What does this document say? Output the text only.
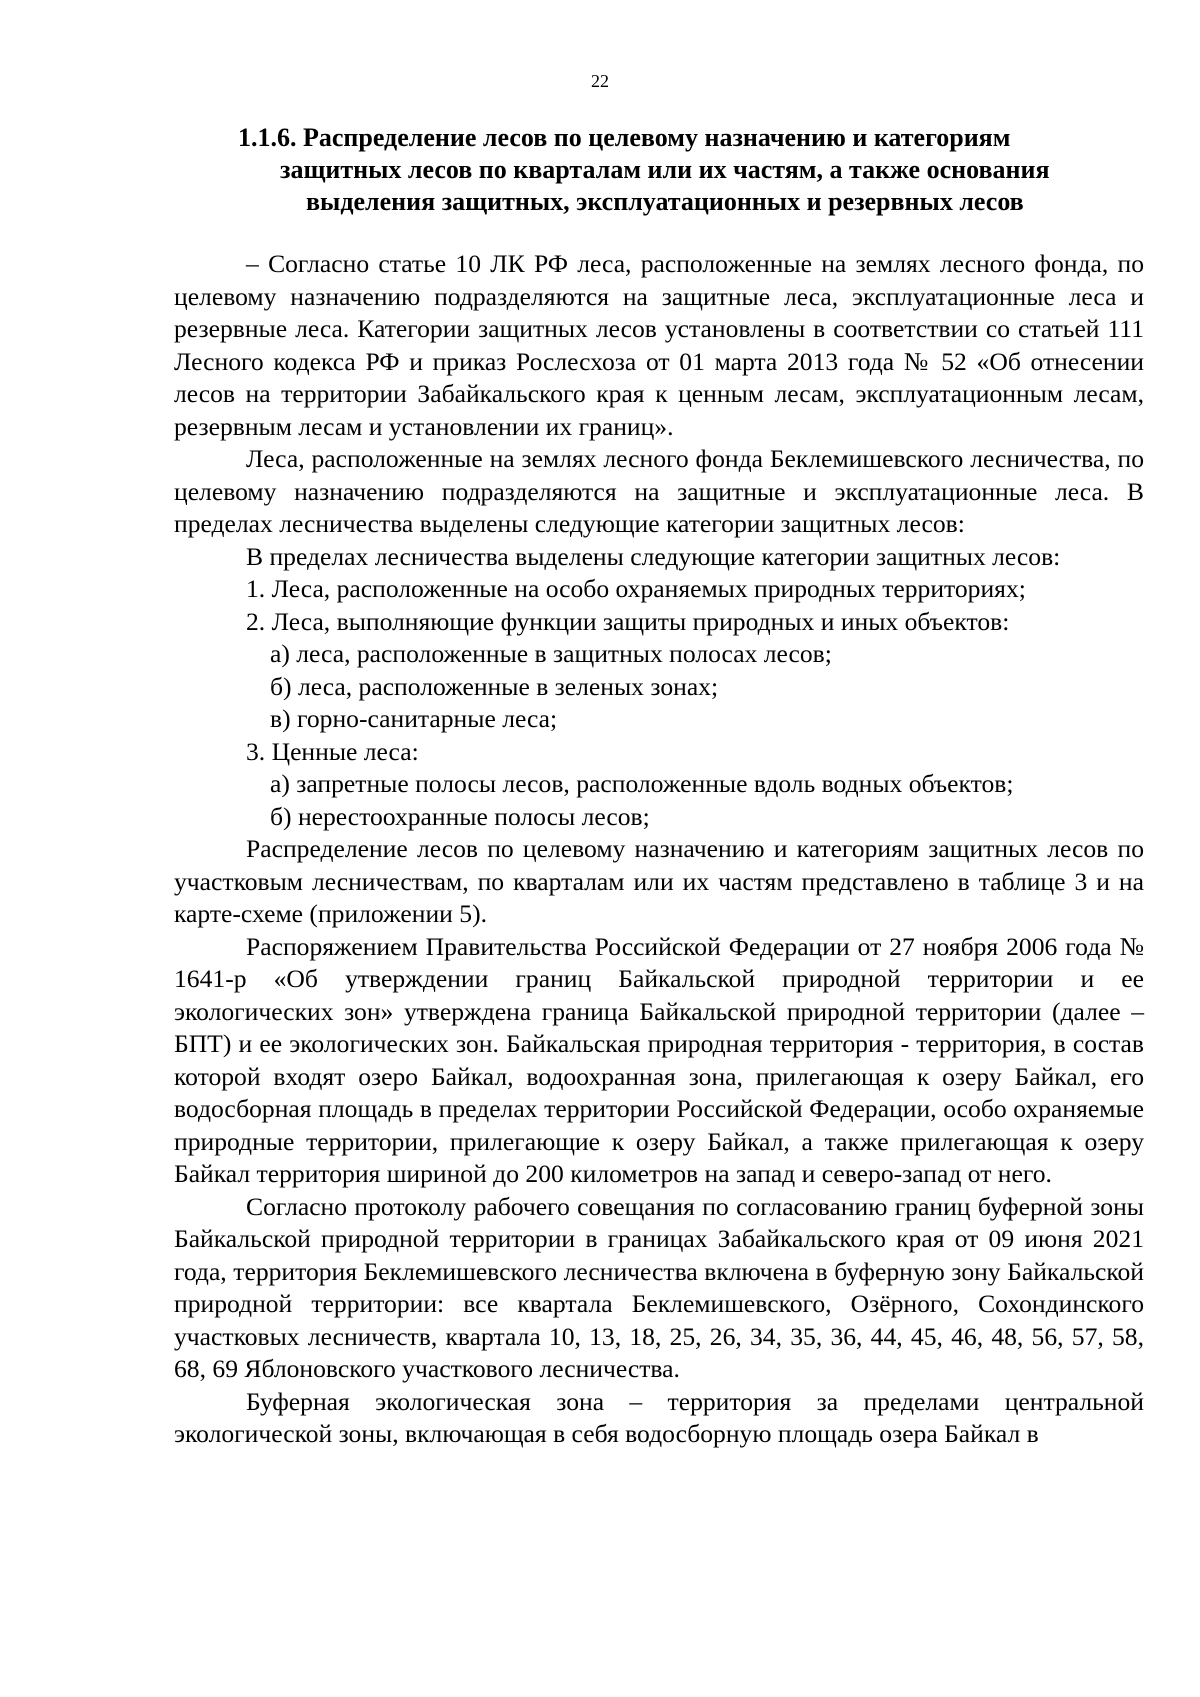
22
1.1.6. Распределение лесов по целевому назначению и категориям
защитных лесов по кварталам или их частям, а также основания
выделения защитных, эксплуатационных и резервных лесов

– Согласно статье 10 ЛК РФ леса, расположенные на землях лесного фонда, по целевому назначению подразделяются на защитные леса, эксплуатационные леса и резервные леса. Категории защитных лесов установлены в соответствии со статьей 111 Лесного кодекса РФ и приказ Рослесхоза от 01 марта 2013 года № 52 «Об отнесении лесов на территории Забайкальского края к ценным лесам, эксплуатационным лесам, резервным лесам и установлении их границ».

Леса, расположенные на землях лесного фонда Беклемишевского лесничества, по целевому назначению подразделяются на защитные и эксплуатационные леса. В пределах лесничества выделены следующие категории защитных лесов:

В пределах лесничества выделены следующие категории защитных лесов:

1. Леса, расположенные на особо охраняемых природных территориях;

2. Леса, выполняющие функции защиты природных и иных объектов:

а) леса, расположенные в защитных полосах лесов;

б) леса, расположенные в зеленых зонах;

в) горно-санитарные леса;

3. Ценные леса:

а) запретные полосы лесов, расположенные вдоль водных объектов;

б) нерестоохранные полосы лесов;

Распределение лесов по целевому назначению и категориям защитных лесов по участковым лесничествам, по кварталам или их частям представлено в таблице 3 и на карте-схеме (приложении 5).

Распоряжением Правительства Российской Федерации от 27 ноября 2006 года № 1641-р «Об утверждении границ Байкальской природной территории и ее экологических зон» утверждена граница Байкальской природной территории (далее – БПТ) и ее экологических зон. Байкальская природная территория - территория, в состав которой входят озеро Байкал, водоохранная зона, прилегающая к озеру Байкал, его водосборная площадь в пределах территории Российской Федерации, особо охраняемые природные территории, прилегающие к озеру Байкал, а также прилегающая к озеру Байкал территория шириной до 200 километров на запад и северо-запад от него.

Согласно протоколу рабочего совещания по согласованию границ буферной зоны Байкальской природной территории в границах Забайкальского края от 09 июня 2021 года, территория Беклемишевского лесничества включена в буферную зону Байкальской природной территории: все квартала Беклемишевского, Озёрного, Сохондинского участковых лесничеств, квартала 10, 13, 18, 25, 26, 34, 35, 36, 44, 45, 46, 48, 56, 57, 58, 68, 69 Яблоновского участкового лесничества.

Буферная экологическая зона – территория за пределами центральной экологической зоны, включающая в себя водосборную площадь озера Байкал в
